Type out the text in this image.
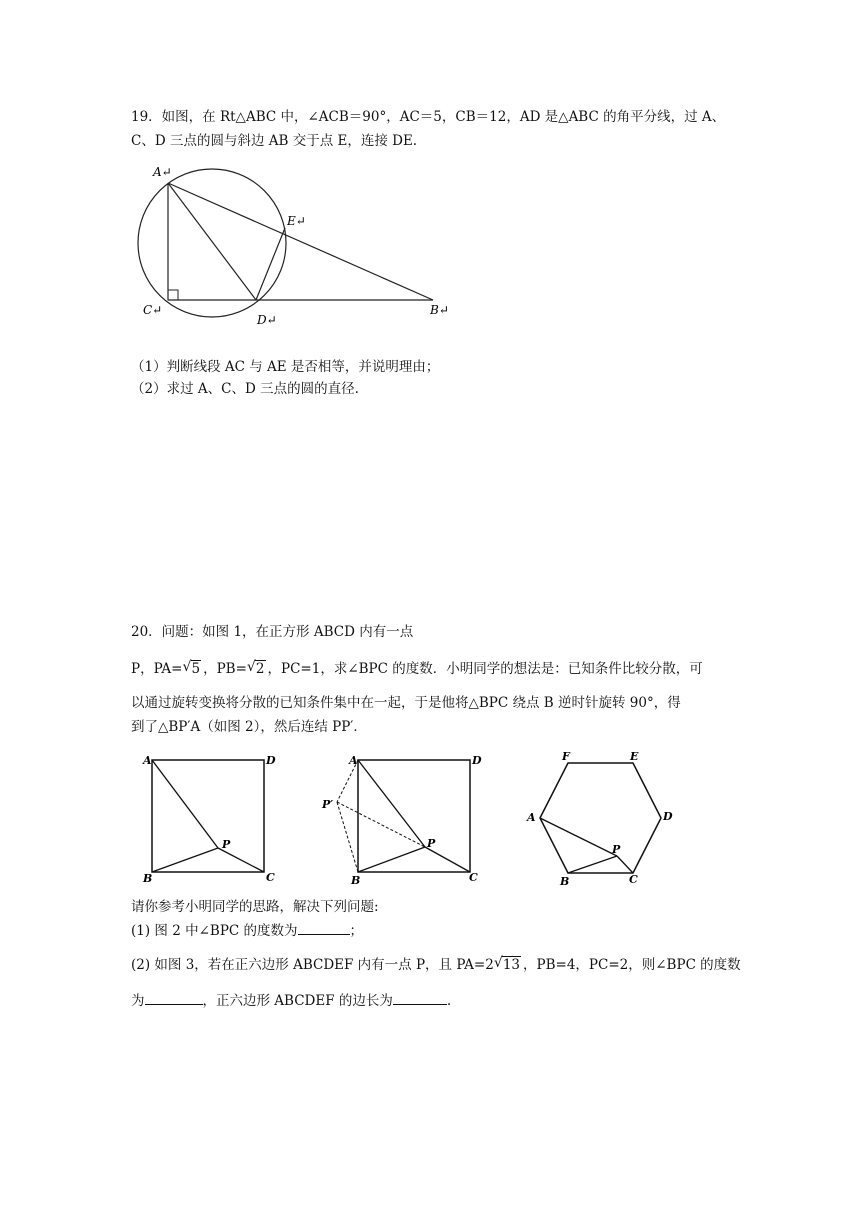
19．如图，在 Rt△ABC 中，∠ACB＝90°，AC＝5，CB＝12，AD 是△ABC 的角平分线，过 A、
C、D 三点的圆与斜边 AB 交于点 E，连接 DE.
A↵
E↵
C↵
D↵
B↵
（1）判断线段 AC 与 AE 是否相等，并说明理由；
（2）求过 A、C、D 三点的圆的直径.
20．问题：如图 1，在正方形 ABCD 内有一点
P，PA= √ 5 ，PB= √ 2 ，PC=1，求∠BPC 的度数．小明同学的想法是：已知条件比较分散，可
以通过旋转变换将分散的已知条件集中在一起，于是他将△BPC 绕点 B 逆时针旋转 90°，得
到了△BP′A（如图 2），然后连结 PP′．
A	D
B	C
P
A	D
B	C
P
P′
F	E
A	D
B	C
P
请你参考小明同学的思路，解决下列问题:
(1) 图 2 中∠BPC 的度数为	；
(2) 如图 3，若在正六边形 ABCDEF 内有一点 P，且 PA=2 √ 13 ，PB=4，PC=2，则∠BPC 的度数
为	，正六边形 ABCDEF 的边长为	.
